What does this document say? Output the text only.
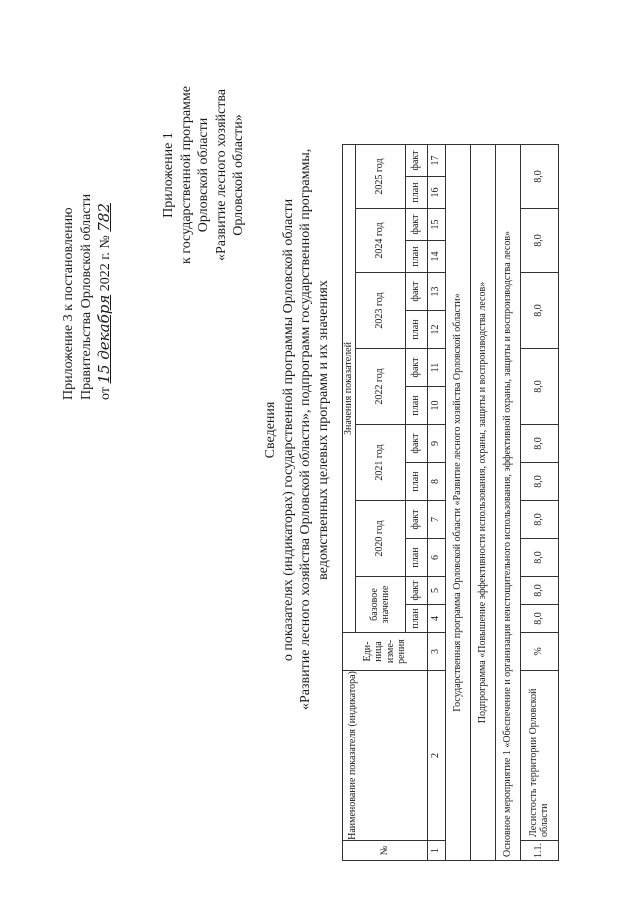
Приложение 3 к постановлению Правительства Орловской области от 15 декабря 2022 г. № 782	Приложение 1 к государственной программе Орловской области «Развитие лесного хозяйства Орловской области»
Сведения о показателях (индикаторах) государственной программы Орловской области «Развитие лесного хозяйства Орловской области», подпрограмм государственной программы, ведомственных целевых программ и их значениях
№	Наименование показателя (индикатора)	Еди-ница изме-рения	Значения показателей													
			базовое значение		2020 год		2021 год		2022 год		2023 год		2024 год		2025 год	
			план	факт	план	факт	план	факт	план	факт	план	факт	план	факт	план	факт
1	2	3	4	5	6	7	8	9	10	11	12	13	14	15	16	17
Государственная программа Орловской области «Развитие лесного хозяйства Орловской области»																
Подпрограмма «Повышение эффективности использования, охраны, защиты и воспроизводства лесов»																
Основное мероприятие 1 «Обеспечение и организация неистощительного использования, эффективной охраны, защиты и воспроизводства лесов»																
1.1.	Лесистость территории Орловской области	%	8,0	8,0	8,0	8,0	8,0	8,0	8,0		8,0		8,0		8,0	
